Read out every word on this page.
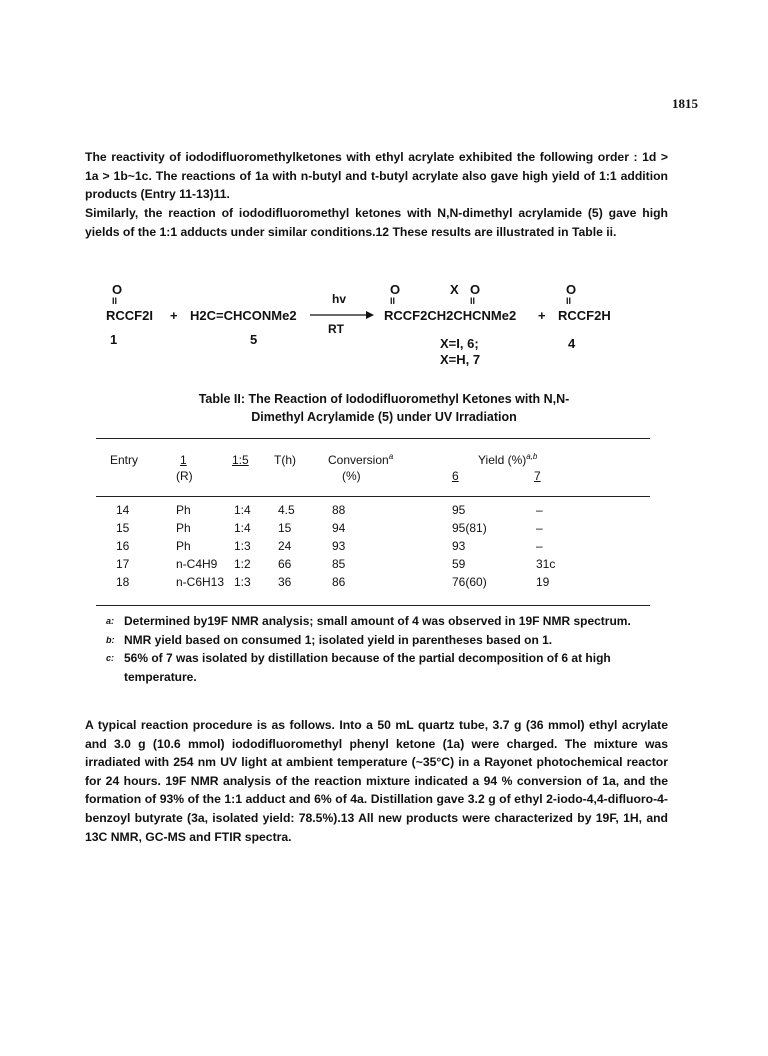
1815

The reactivity of iododifluoromethylketones with ethyl acrylate exhibited the following order : 1d > 1a > 1b~1c. The reactions of 1a with n-butyl and t-butyl acrylate also gave high yield of 1:1 addition products (Entry 11-13)11.

Similarly, the reaction of iododifluoromethyl ketones with N,N-dimethyl acrylamide (5) gave high yields of the 1:1 adducts under similar conditions.12 These results are illustrated in Table ii.

O
II
RCCF2I + H2C=CHCONMe2
hv
RT
O
II
X O
II
RCCF2CH2CHCNMe2 +
O
II
RCCF2H
1	5	X=I, 6;
X=H, 7
4
Table II: The Reaction of Iododifluoromethyl Ketones with N,N-
Dimethyl Acrylamide (5) under UV Irradiation
Entry	1
(R)
1:5 T(h)	Conversion$^a$
(%)
Yield (%)$^{a,b}$
6	7
14	Ph	1:4 4.5	88	95	–
15	Ph	1:4 15	94	95(81)	–
16	Ph	1:3 24	93	93	–
17	n-C4H9 1:2 66	85	59	31c
18	n-C6H13 1:3 36	86	76(60)	19
a: Determined by19F NMR analysis; small amount of 4 was observed in 19F NMR spectrum.
b: NMR yield based on consumed 1; isolated yield in parentheses based on 1.
c: 56% of 7 was isolated by distillation because of the partial decomposition of 6 at high temperature.

A typical reaction procedure is as follows. Into a 50 mL quartz tube, 3.7 g (36 mmol) ethyl acrylate and 3.0 g (10.6 mmol) iododifluoromethyl phenyl ketone (1a) were charged. The mixture was irradiated with 254 nm UV light at ambient temperature (~35°C) in a Rayonet photochemical reactor for 24 hours. 19F NMR analysis of the reaction mixture indicated a 94 % conversion of 1a, and the formation of 93% of the 1:1 adduct and 6% of 4a. Distillation gave 3.2 g of ethyl 2-iodo-4,4-difluoro-4-benzoyl butyrate (3a, isolated yield: 78.5%).13 All new products were characterized by 19F, 1H, and 13C NMR, GC-MS and FTIR spectra.
